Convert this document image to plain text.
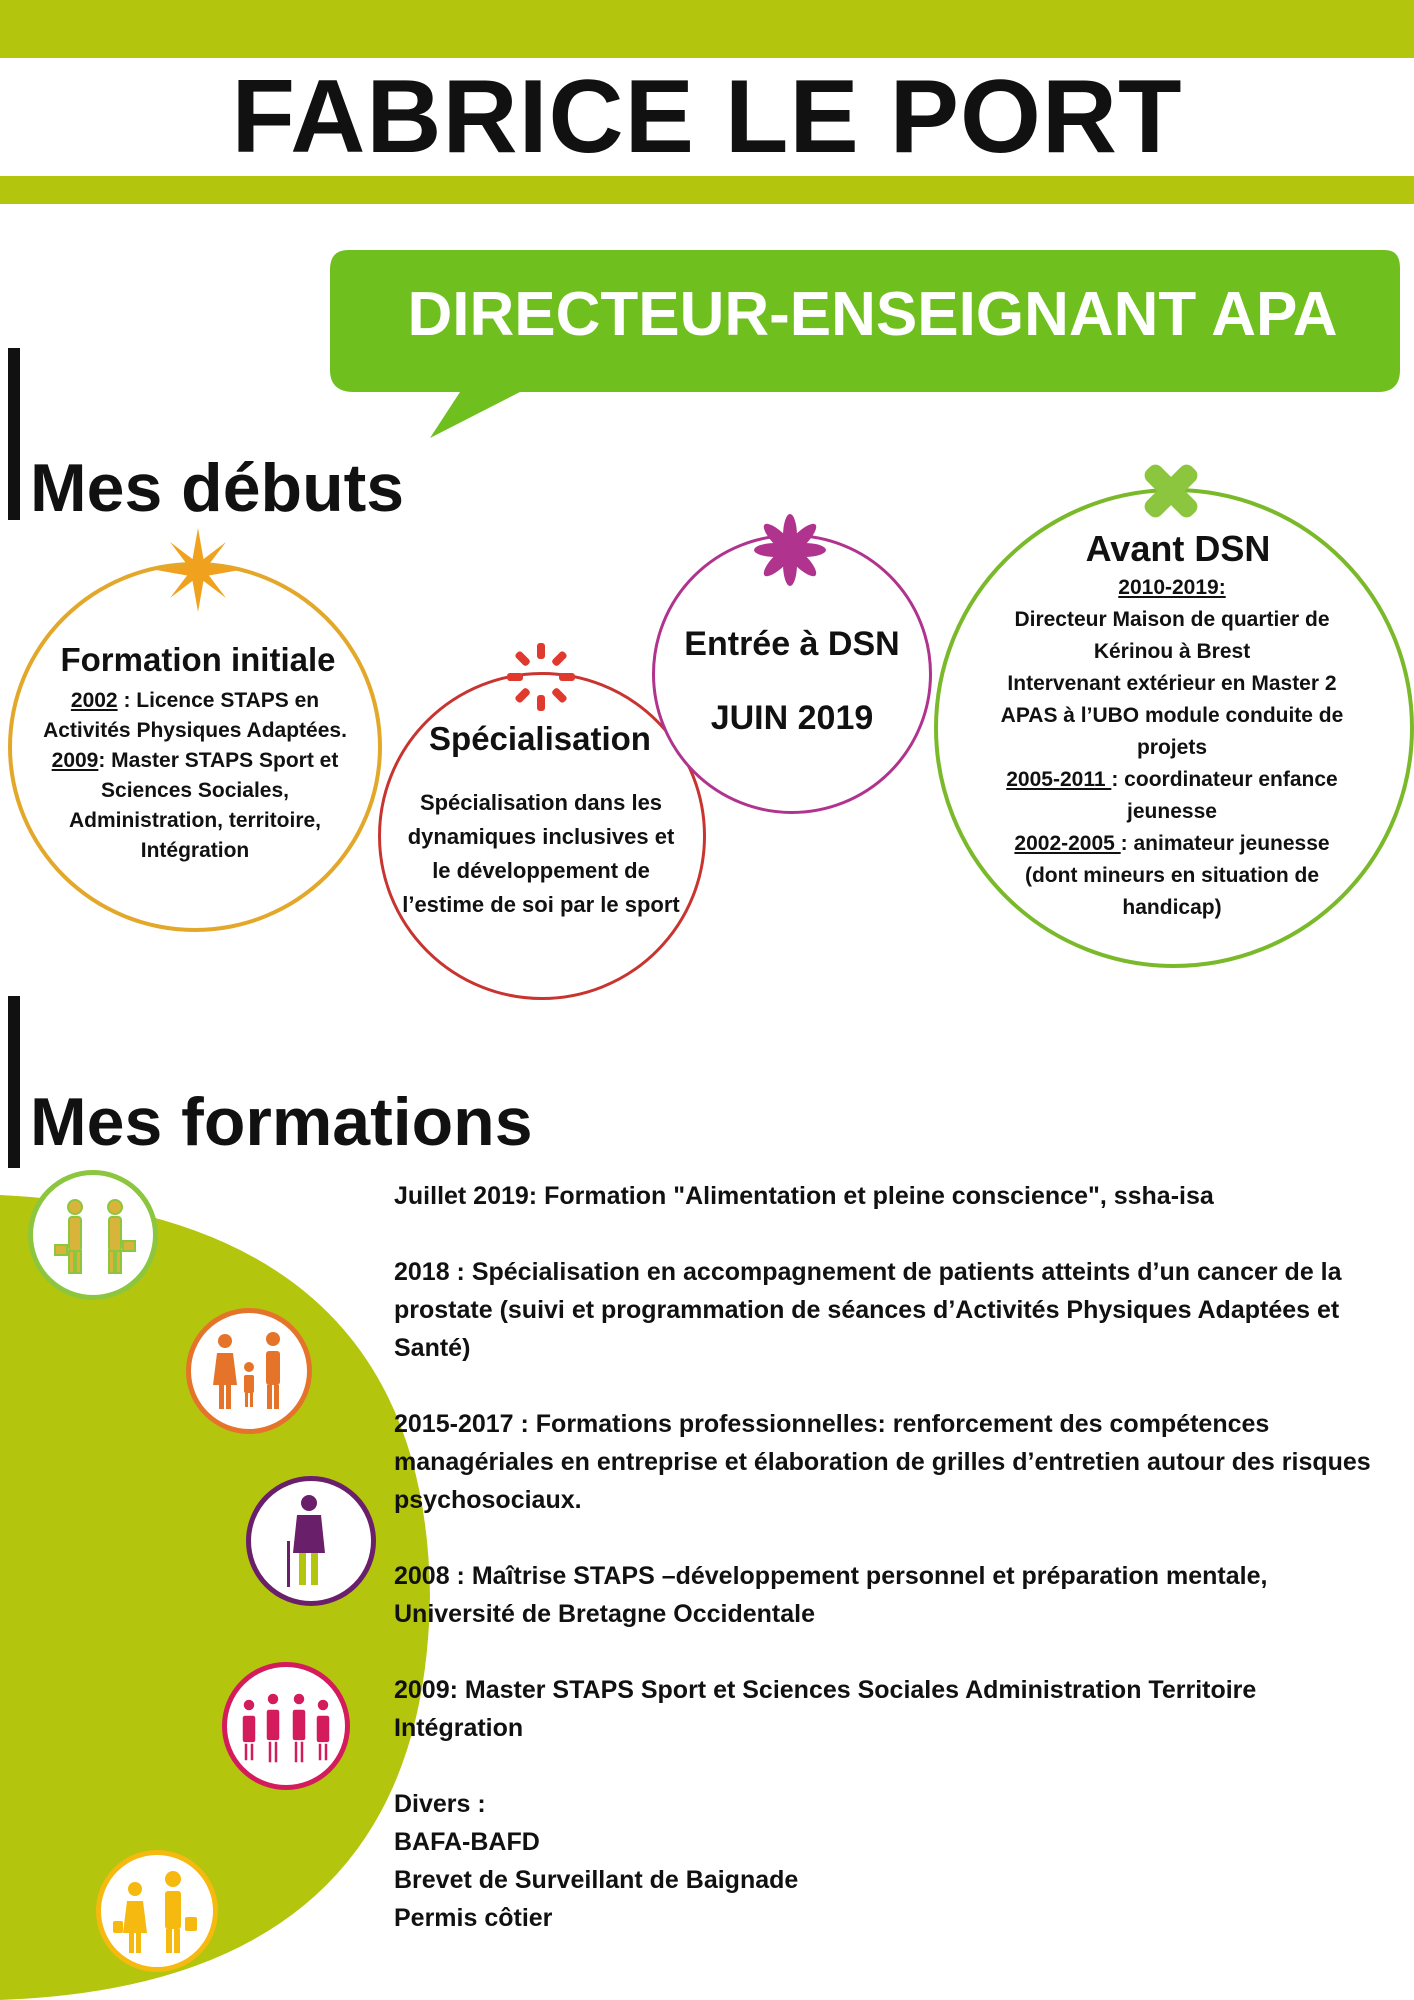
FABRICE LE PORT
DIRECTEUR-ENSEIGNANT APA
Mes débuts
Formation initiale
2002 : Licence STAPS en Activités Physiques Adaptées.
2009: Master STAPS Sport et Sciences Sociales, Administration, territoire, Intégration
Spécialisation
Spécialisation dans les dynamiques inclusives et le développement de l’estime de soi par le sport
Entrée à DSN
JUIN 2019
Avant DSN
2010-2019:
Directeur Maison de quartier de Kérinou à Brest
Intervenant extérieur en Master 2 APAS à l’UBO module conduite de projets
2005-2011 : coordinateur enfance jeunesse
2002-2005 : animateur jeunesse (dont mineurs en situation de handicap)
Mes formations
Juillet 2019: Formation "Alimentation et pleine conscience", ssha-isa
2018 : Spécialisation en accompagnement de patients atteints d’un cancer de la prostate (suivi et programmation de séances d’Activités Physiques Adaptées et Santé)
2015-2017 : Formations professionnelles: renforcement des compétences managériales en entreprise et élaboration de grilles d’entretien autour des risques psychosociaux.
2008 : Maîtrise STAPS –développement personnel et préparation mentale, Université de Bretagne Occidentale
2009: Master STAPS Sport et Sciences Sociales Administration Territoire Intégration
Divers :
BAFA-BAFD
Brevet de Surveillant de Baignade
Permis côtier
